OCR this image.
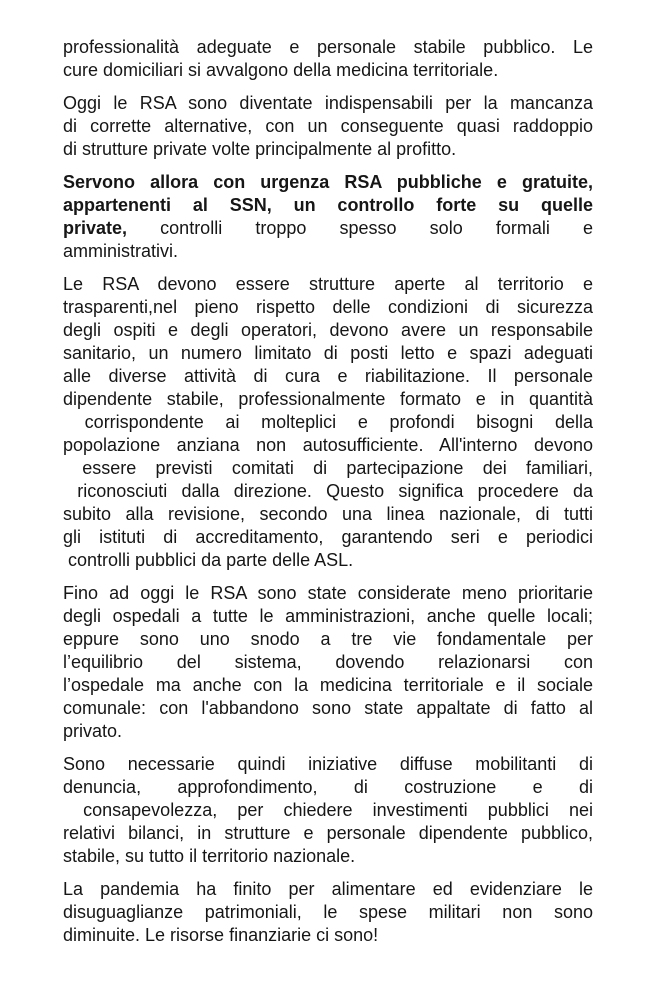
professionalità adeguate e personale stabile pubblico. Le
cure domiciliari si avvalgono della medicina territoriale.
Oggi le RSA sono diventate indispensabili per la mancanza
di corrette alternative, con un conseguente quasi raddoppio
di strutture private volte principalmente al profitto.
Servono allora con urgenza RSA pubbliche e gratuite,
appartenenti al SSN, un controllo forte su quelle
private, controlli troppo spesso solo formali e
amministrativi.
Le RSA devono essere strutture aperte al territorio e
trasparenti,nel pieno rispetto delle condizioni di sicurezza
degli ospiti e degli operatori, devono avere un responsabile
sanitario, un numero limitato di posti letto e spazi adeguati
alle diverse attività di cura e riabilitazione. Il personale
dipendente stabile, professionalmente formato e in quantità
corrispondente ai molteplici e profondi bisogni della
popolazione anziana non autosufficiente. All'interno devono
essere previsti comitati di partecipazione dei familiari,
riconosciuti dalla direzione. Questo significa procedere da
subito alla revisione, secondo una linea nazionale, di tutti
gli istituti di accreditamento, garantendo seri e periodici
controlli pubblici da parte delle ASL.
Fino ad oggi le RSA sono state considerate meno prioritarie
degli ospedali a tutte le amministrazioni, anche quelle locali;
eppure sono uno snodo a tre vie fondamentale per
l’equilibrio del sistema, dovendo relazionarsi con
l’ospedale ma anche con la medicina territoriale e il sociale
comunale: con l'abbandono sono state appaltate di fatto al
privato.
Sono necessarie quindi iniziative diffuse mobilitanti di
denuncia, approfondimento, di costruzione e di
consapevolezza, per chiedere investimenti pubblici nei
relativi bilanci, in strutture e personale dipendente pubblico,
stabile, su tutto il territorio nazionale.
La pandemia ha finito per alimentare ed evidenziare le
disuguaglianze patrimoniali, le spese militari non sono
diminuite. Le risorse finanziarie ci sono!
